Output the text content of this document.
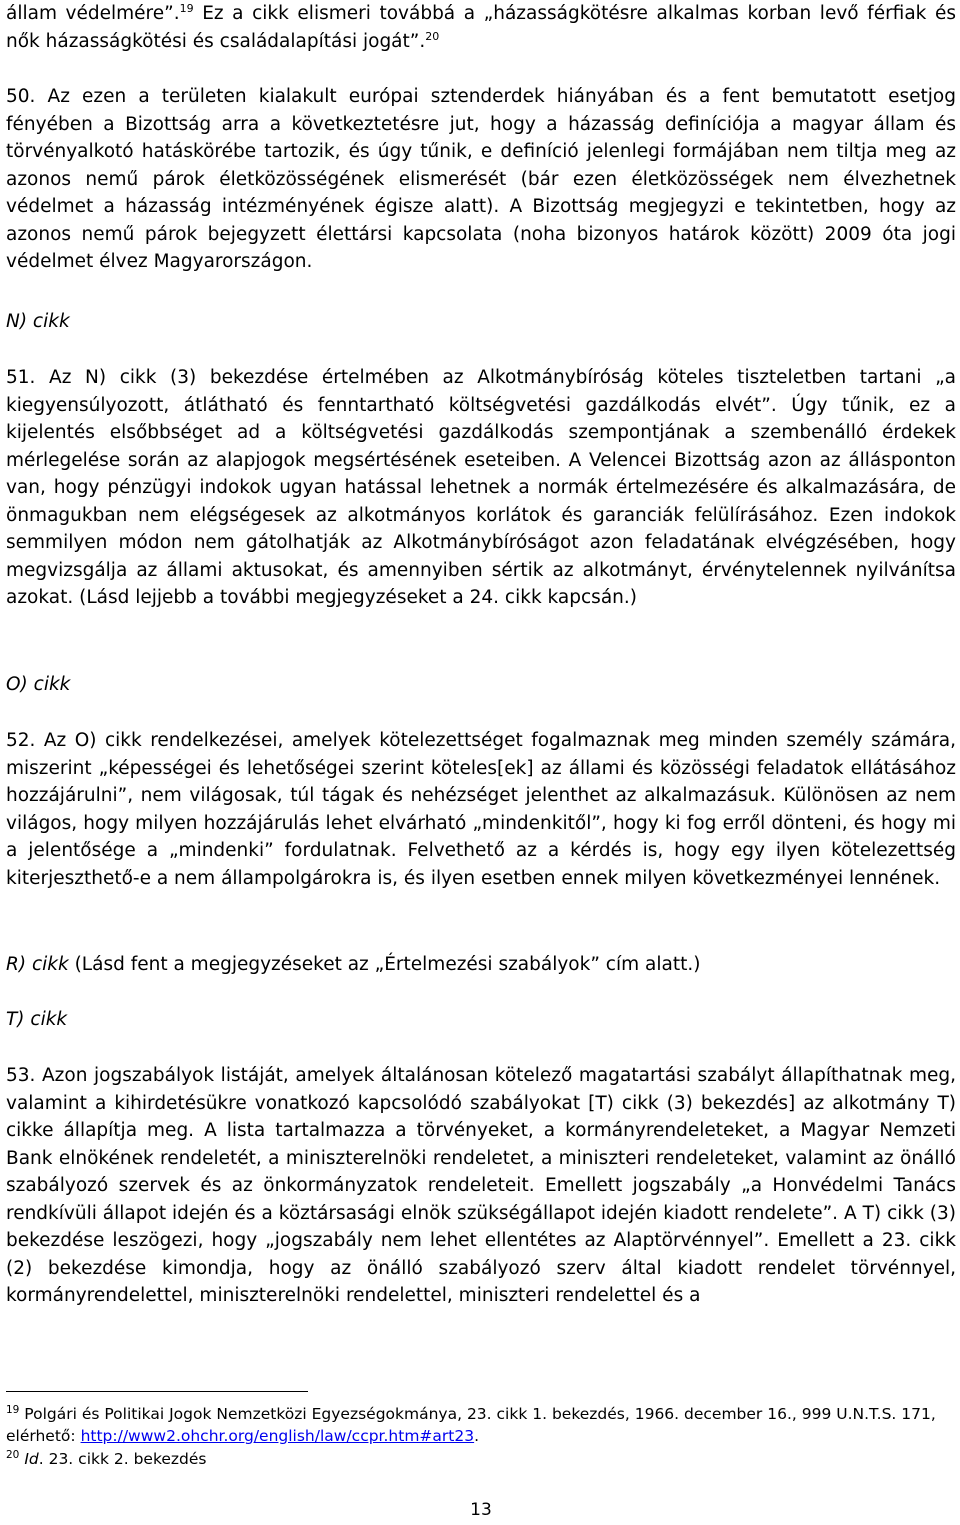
állam védelmére”.$^{19}$ Ez a cikk elismeri továbbá a „házasságkötésre alkalmas korban levő férfiak és nők házasságkötési és családalapítási jogát”.$^{20}$

50. Az ezen a területen kialakult európai sztenderdek hiányában és a fent bemutatott esetjog fényében a Bizottság arra a következtetésre jut, hogy a házasság definíciója a magyar állam és törvényalkotó hatáskörébe tartozik, és úgy tűnik, e definíció jelenlegi formájában nem tiltja meg az azonos nemű párok életközösségének elismerését (bár ezen életközösségek nem élvezhetnek védelmet a házasság intézményének égisze alatt). A Bizottság megjegyzi e tekintetben, hogy az azonos nemű párok bejegyzett élettársi kapcsolata (noha bizonyos határok között) 2009 óta jogi védelmet élvez Magyarországon.

N) cikk

51. Az N) cikk (3) bekezdése értelmében az Alkotmánybíróság köteles tiszteletben tartani „a kiegyensúlyozott, átlátható és fenntartható költségvetési gazdálkodás elvét”. Úgy tűnik, ez a kijelentés elsőbbséget ad a költségvetési gazdálkodás szempontjának a szembenálló érdekek mérlegelése során az alapjogok megsértésének eseteiben. A Velencei Bizottság azon az állásponton van, hogy pénzügyi indokok ugyan hatással lehetnek a normák értelmezésére és alkalmazására, de önmagukban nem elégségesek az alkotmányos korlátok és garanciák felülírásához. Ezen indokok semmilyen módon nem gátolhatják az Alkotmánybíróságot azon feladatának elvégzésében, hogy megvizsgálja az állami aktusokat, és amennyiben sértik az alkotmányt, érvénytelennek nyilvánítsa azokat. (Lásd lejjebb a további megjegyzéseket a 24. cikk kapcsán.)

O) cikk

52. Az O) cikk rendelkezései, amelyek kötelezettséget fogalmaznak meg minden személy számára, miszerint „képességei és lehetőségei szerint köteles[ek] az állami és közösségi feladatok ellátásához hozzájárulni”, nem világosak, túl tágak és nehézséget jelenthet az alkalmazásuk. Különösen az nem világos, hogy milyen hozzájárulás lehet elvárható „mindenkitől”, hogy ki fog erről dönteni, és hogy mi a jelentősége a „mindenki” fordulatnak. Felvethető az a kérdés is, hogy egy ilyen kötelezettség kiterjeszthető-e a nem állampolgárokra is, és ilyen esetben ennek milyen következményei lennének.

R) cikk (Lásd fent a megjegyzéseket az „Értelmezési szabályok” cím alatt.)

T) cikk

53. Azon jogszabályok listáját, amelyek általánosan kötelező magatartási szabályt állapíthatnak meg, valamint a kihirdetésükre vonatkozó kapcsolódó szabályokat [T) cikk (3) bekezdés] az alkotmány T) cikke állapítja meg. A lista tartalmazza a törvényeket, a kormányrendeleteket, a Magyar Nemzeti Bank elnökének rendeletét, a miniszterelnöki rendeletet, a miniszteri rendeleteket, valamint az önálló szabályozó szervek és az önkormányzatok rendeleteit. Emellett jogszabály „a Honvédelmi Tanács rendkívüli állapot idején és a köztársasági elnök szükségállapot idején kiadott rendelete”. A T) cikk (3) bekezdése leszögezi, hogy „jogszabály nem lehet ellentétes az Alaptörvénnyel”. Emellett a 23. cikk (2) bekezdése kimondja, hogy az önálló szabályozó szerv által kiadott rendelet törvénnyel, kormányrendelettel, miniszterelnöki rendelettel, miniszteri rendelettel és a

$^{19}$ Polgári és Politikai Jogok Nemzetközi Egyezségokmánya, 23. cikk 1. bekezdés, 1966. december 16., 999 U.N.T.S. 171, elérhető: http://www2.ohchr.org/english/law/ccpr.htm#art23.

$^{20}$ Id. 23. cikk 2. bekezdés

13
